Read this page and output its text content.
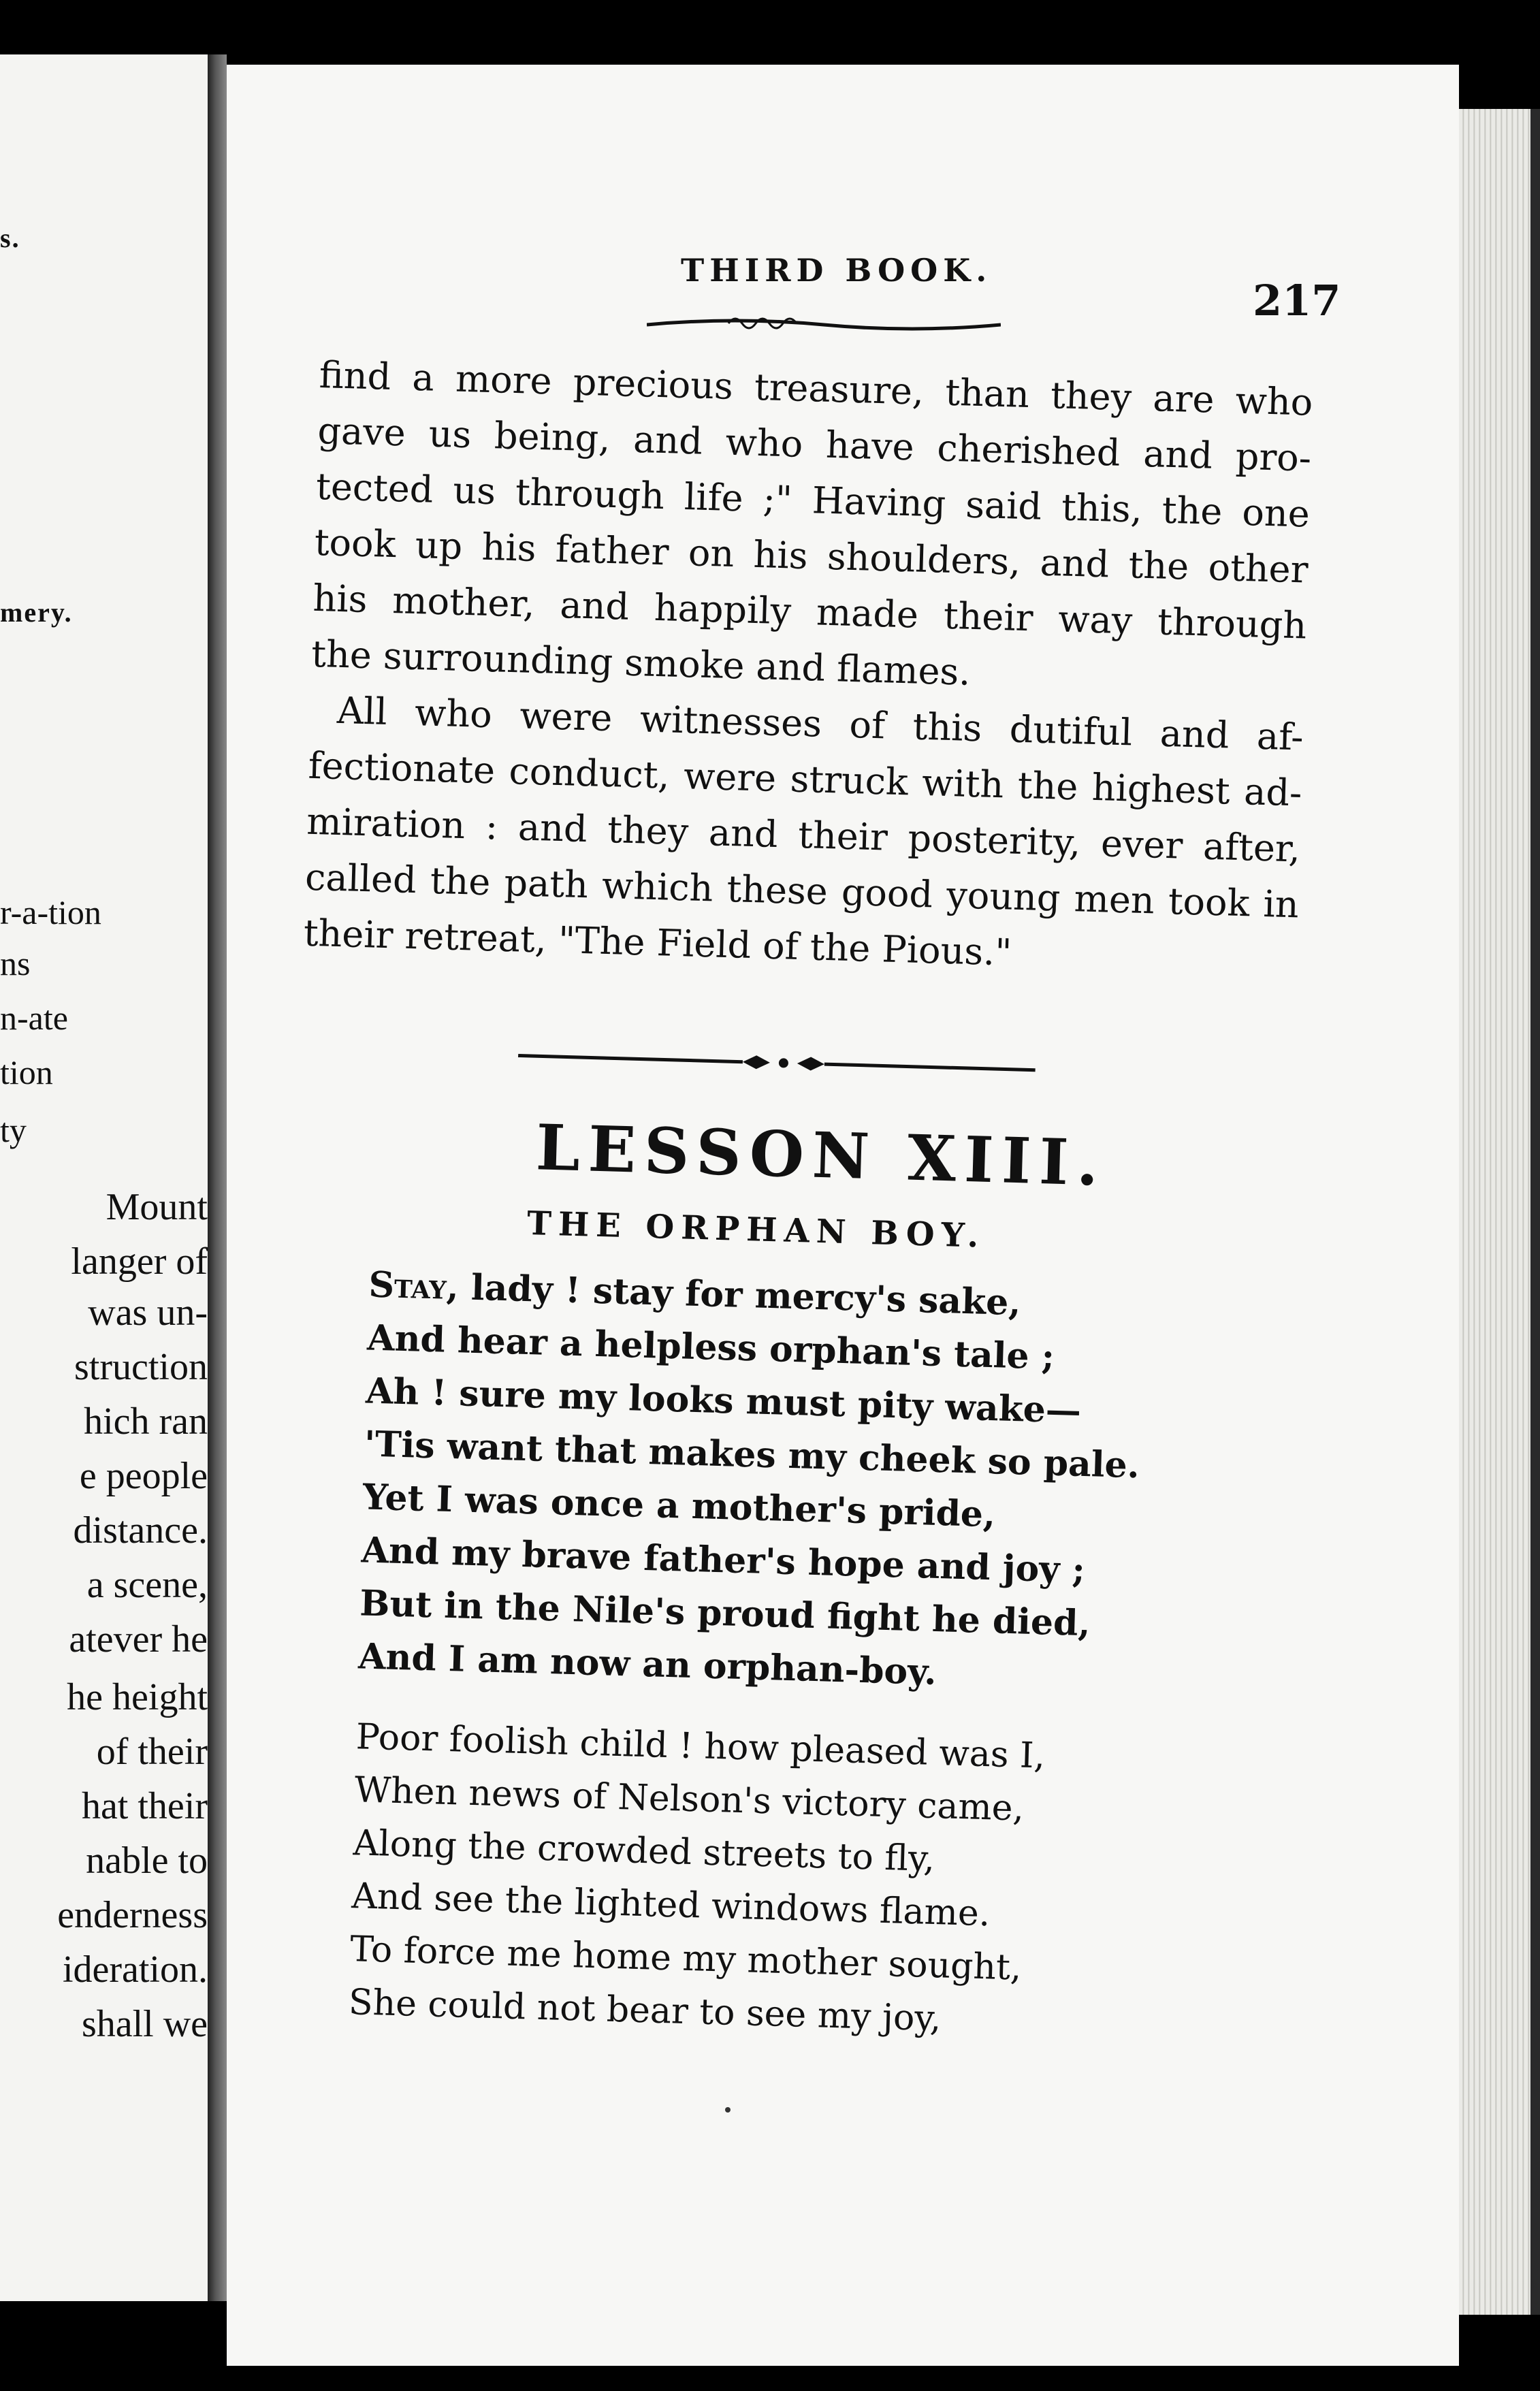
s.
mery.
r-a-tion
ns
n-ate
tion
ty
Mount
langer of
was un-
struction
hich ran
e people
distance.
a scene,
atever he
he height
of their
hat their
nable to
enderness
ideration.
shall we
THIRD BOOK.
217

find a more precious treasure, than they are who
gave us being, and who have cherished and pro-
tected us through life ;" Having said this, the one
took up his father on his shoulders, and the other
his mother, and happily made their way through
the surrounding smoke and flames.

All who were witnesses of this dutiful and af-
fectionate conduct, were struck with the highest ad-
miration : and they and their posterity, ever after,
called the path which these good young men took in
their retreat, "The Field of the Pious."

LESSON XIII.
THE ORPHAN BOY.
Stay, lady ! stay for mercy's sake,
And hear a helpless orphan's tale ;
Ah ! sure my looks must pity wake—
'Tis want that makes my cheek so pale.
Yet I was once a mother's pride,
And my brave father's hope and joy ;
But in the Nile's proud fight he died,
And I am now an orphan-boy.
Poor foolish child ! how pleased was I,
When news of Nelson's victory came,
Along the crowded streets to fly,
And see the lighted windows flame.
To force me home my mother sought,
She could not bear to see my joy,
